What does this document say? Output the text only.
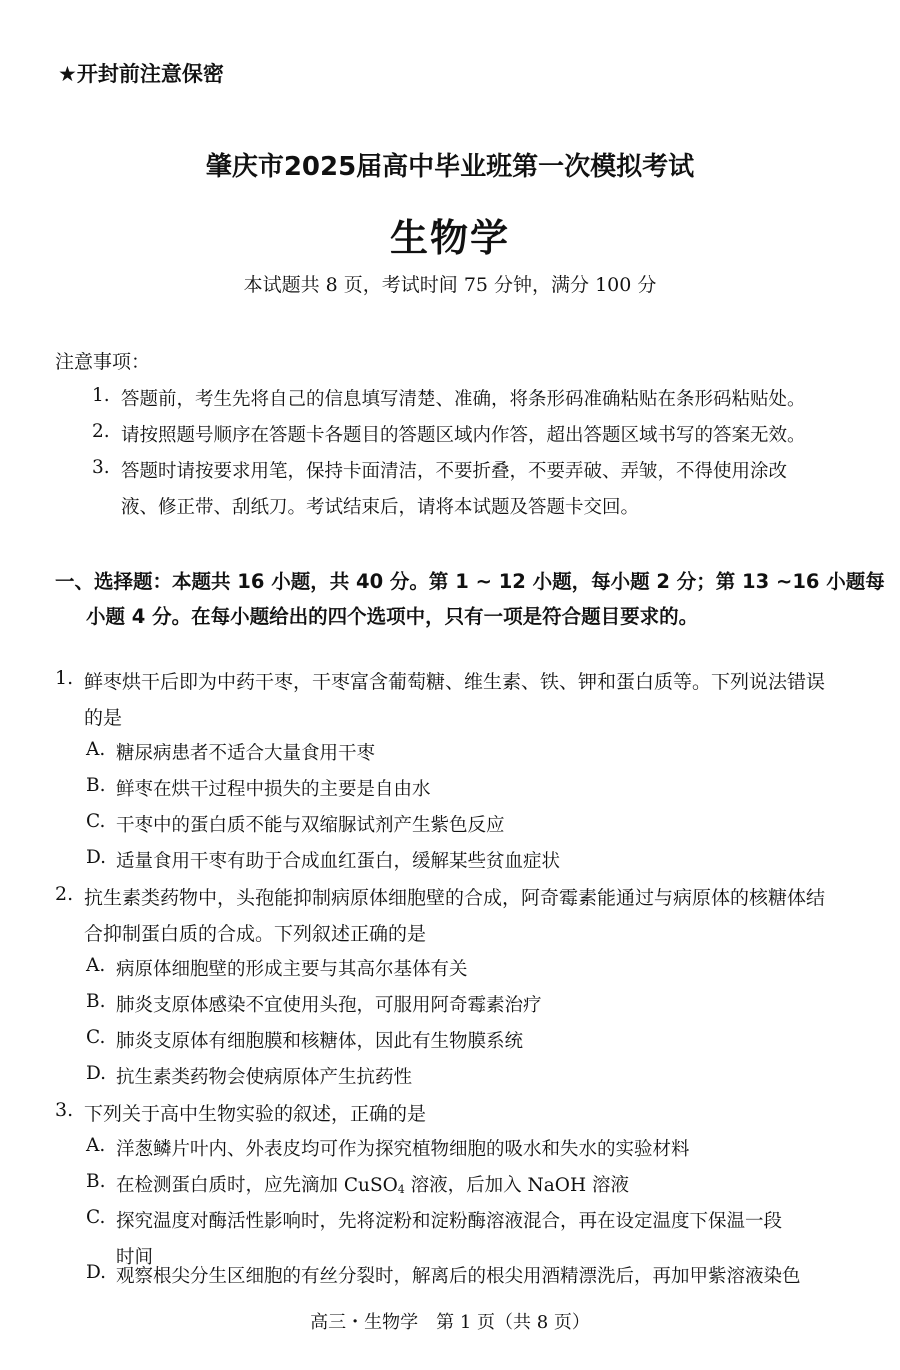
★开封前注意保密
肇庆市2025届高中毕业班第一次模拟考试
生物学
本试题共 8 页，考试时间 75 分钟，满分 100 分
注意事项：
1. 答题前，考生先将自己的信息填写清楚、准确，将条形码准确粘贴在条形码粘贴处。
2. 请按照题号顺序在答题卡各题目的答题区域内作答，超出答题区域书写的答案无效。
3. 答题时请按要求用笔，保持卡面清洁，不要折叠，不要弄破、弄皱，不得使用涂改
液、修正带、刮纸刀。考试结束后，请将本试题及答题卡交回。
一、选择题：本题共 16 小题，共 40 分。第 1 ~ 12 小题，每小题 2 分；第 13 ~16 小题每
小题 4 分。在每小题给出的四个选项中，只有一项是符合题目要求的。
1. 鲜枣烘干后即为中药干枣，干枣富含葡萄糖、维生素、铁、钾和蛋白质等。下列说法错误
的是
A. 糖尿病患者不适合大量食用干枣
B. 鲜枣在烘干过程中损失的主要是自由水
C. 干枣中的蛋白质不能与双缩脲试剂产生紫色反应
D. 适量食用干枣有助于合成血红蛋白，缓解某些贫血症状
2. 抗生素类药物中，头孢能抑制病原体细胞壁的合成，阿奇霉素能通过与病原体的核糖体结
合抑制蛋白质的合成。下列叙述正确的是
A. 病原体细胞壁的形成主要与其高尔基体有关
B. 肺炎支原体感染不宜使用头孢，可服用阿奇霉素治疗
C. 肺炎支原体有细胞膜和核糖体，因此有生物膜系统
D. 抗生素类药物会使病原体产生抗药性
3. 下列关于高中生物实验的叙述，正确的是
A. 洋葱鳞片叶内、外表皮均可作为探究植物细胞的吸水和失水的实验材料
B. 在检测蛋白质时，应先滴加 CuSO$_4$ 溶液，后加入 NaOH 溶液
C. 探究温度对酶活性影响时，先将淀粉和淀粉酶溶液混合，再在设定温度下保温一段
时间
D. 观察根尖分生区细胞的有丝分裂时，解离后的根尖用酒精漂洗后，再加甲紫溶液染色
高三・生物学　第 1 页（共 8 页）
